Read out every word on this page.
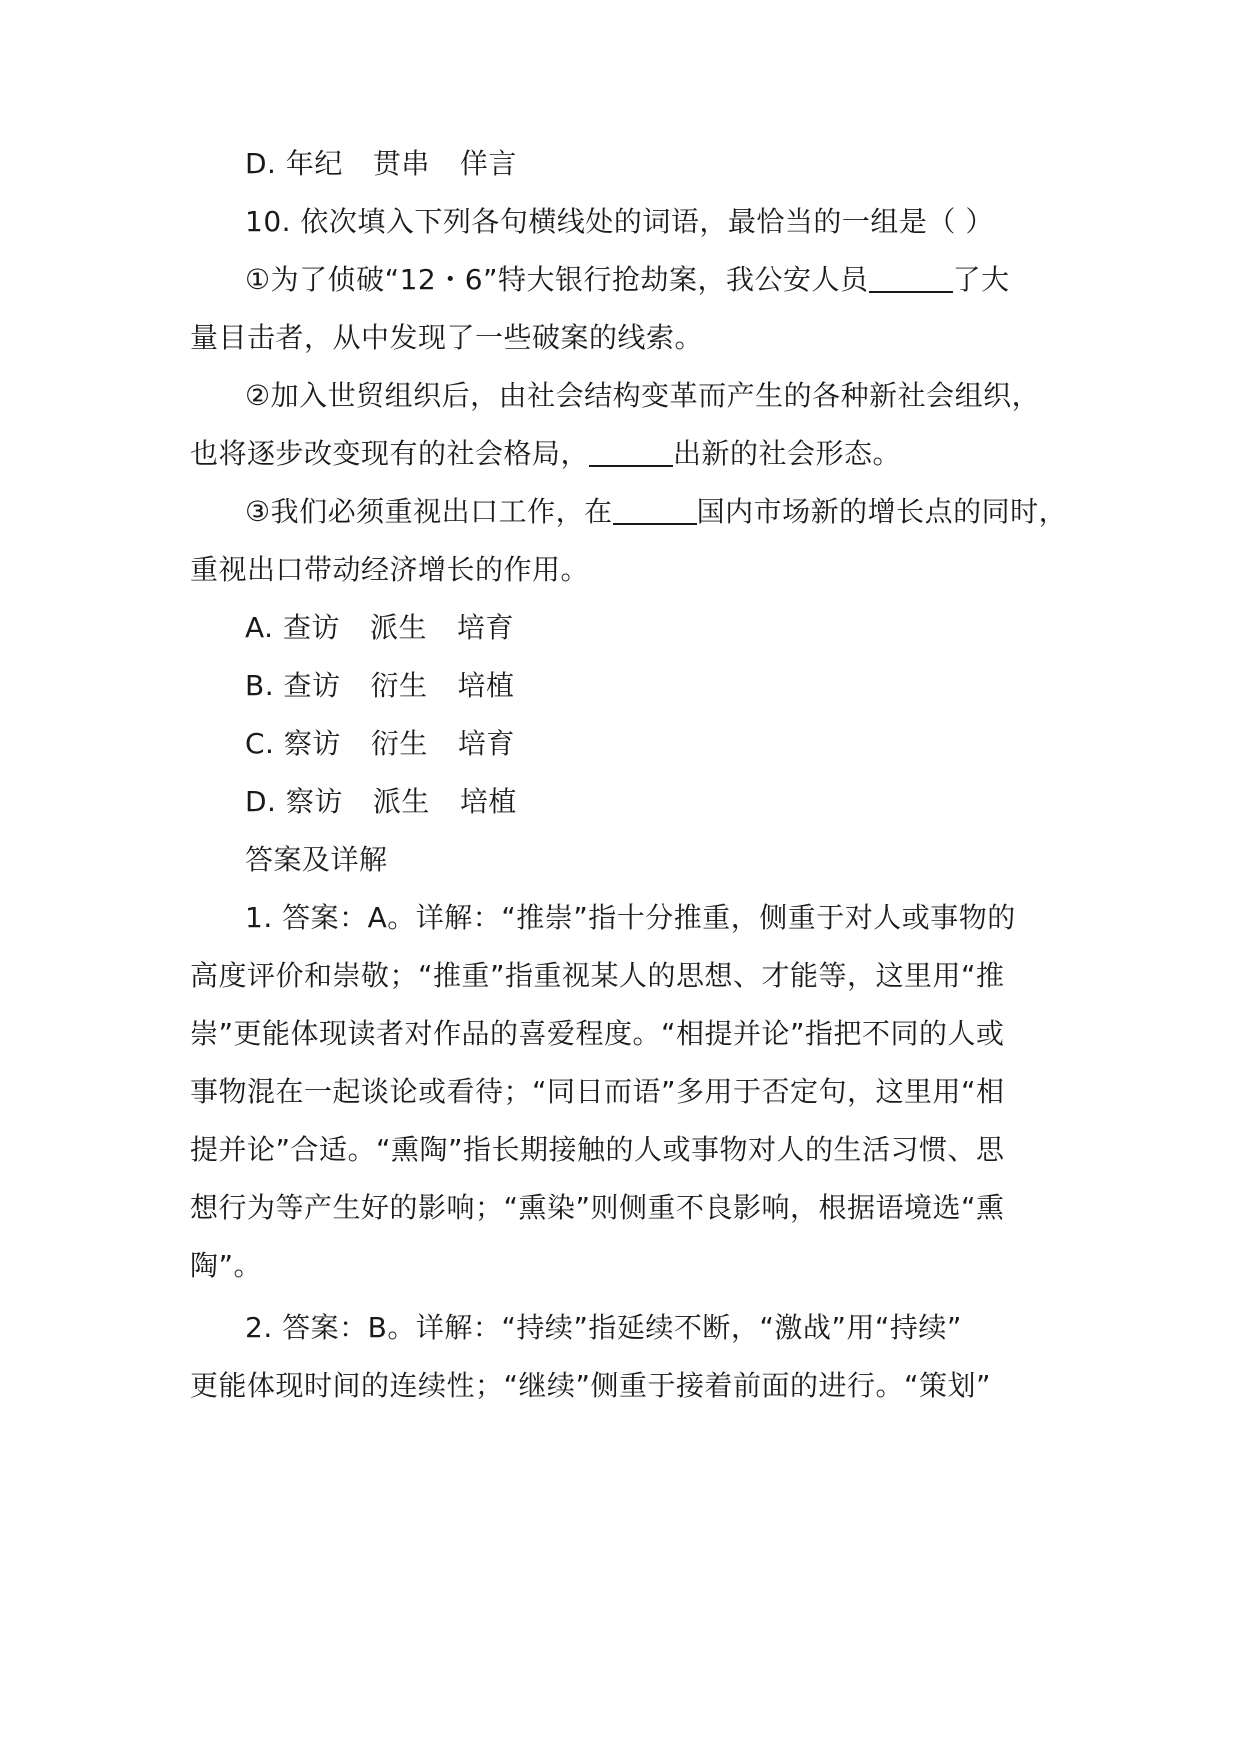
D. 年纪 贯串 佯言
10. 依次填入下列各句横线处的词语，最恰当的一组是（ ）
①为了侦破“12・6”特大银行抢劫案，我公安人员	了大
量目击者，从中发现了一些破案的线索。
②加入世贸组织后，由社会结构变革而产生的各种新社会组织，
也将逐步改变现有的社会格局，	出新的社会形态。
③我们必须重视出口工作，在	国内市场新的增长点的同时，
重视出口带动经济增长的作用。
A. 查访 派生 培育
B. 查访 衍生 培植
C. 察访 衍生 培育
D. 察访 派生 培植
答案及详解
1. 答案：A。详解：“推崇”指十分推重，侧重于对人或事物的
高度评价和崇敬；“推重”指重视某人的思想、才能等，这里用“推
崇”更能体现读者对作品的喜爱程度。“相提并论”指把不同的人或
事物混在一起谈论或看待；“同日而语”多用于否定句，这里用“相
提并论”合适。“熏陶”指长期接触的人或事物对人的生活习惯、思
想行为等产生好的影响；“熏染”则侧重不良影响，根据语境选“熏
陶”。
2. 答案：B。详解：“持续”指延续不断，“激战”用“持续”
更能体现时间的连续性；“继续”侧重于接着前面的进行。“策划”
